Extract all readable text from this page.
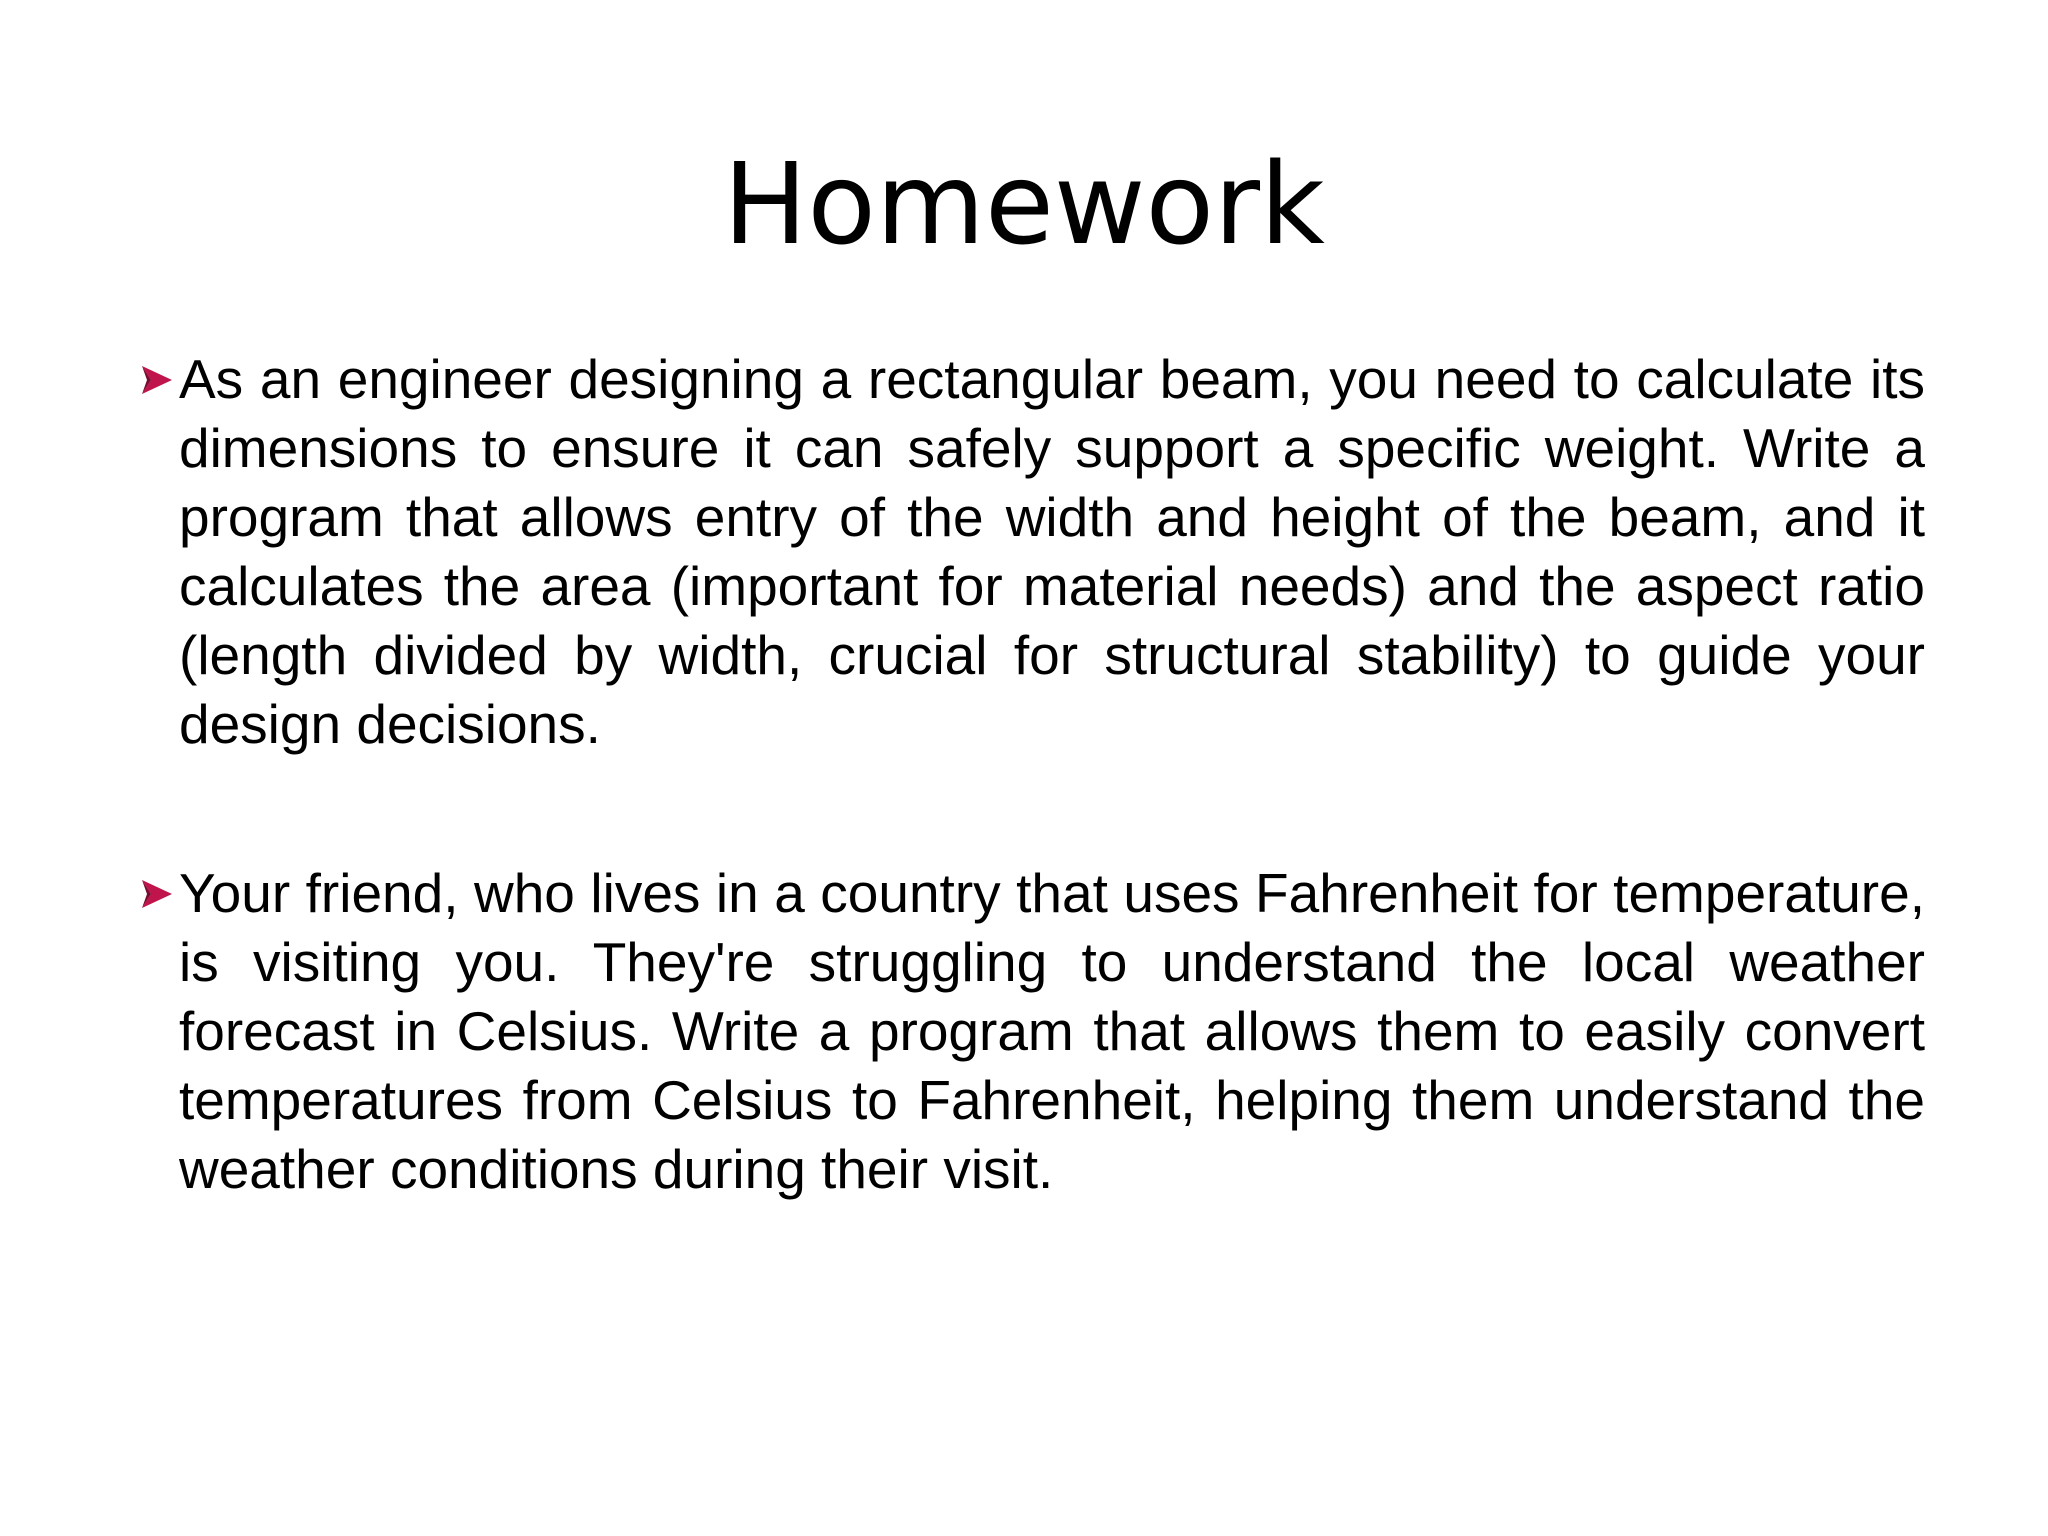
Homework
As an engineer designing a rectangular beam, you need to calculate its dimensions to ensure it can safely support a specific weight. Write a program that allows entry of the width and height of the beam, and it calculates the area (important for material needs) and the aspect ratio (length divided by width, crucial for structural stability) to guide your design decisions.
Your friend, who lives in a country that uses Fahrenheit for temperature, is visiting you. They're struggling to understand the local weather forecast in Celsius. Write a program that allows them to easily convert temperatures from Celsius to Fahrenheit, helping them understand the weather conditions during their visit.
